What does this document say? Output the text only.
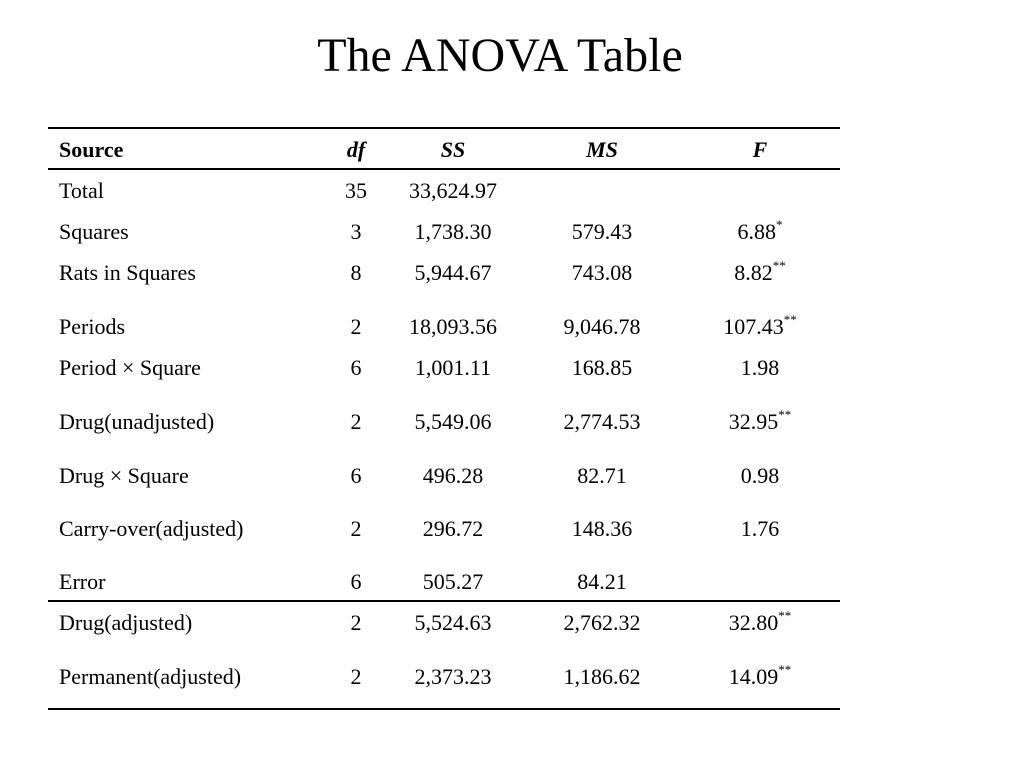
The ANOVA Table
Source	df	SS	MS	F
Total	35	33,624.97
Squares	3	1,738.30	579.43	6.88*
Rats in Squares	8	5,944.67	743.08	8.82**
Periods	2	18,093.56	9,046.78	107.43**
Period × Square	6	1,001.11	168.85	1.98
Drug(unadjusted)	2	5,549.06	2,774.53	32.95**
Drug × Square	6	496.28	82.71	0.98
Carry-over(adjusted)	2	296.72	148.36	1.76
Error	6	505.27	84.21
Drug(adjusted)	2	5,524.63	2,762.32	32.80**
Permanent(adjusted)	2	2,373.23	1,186.62	14.09**
